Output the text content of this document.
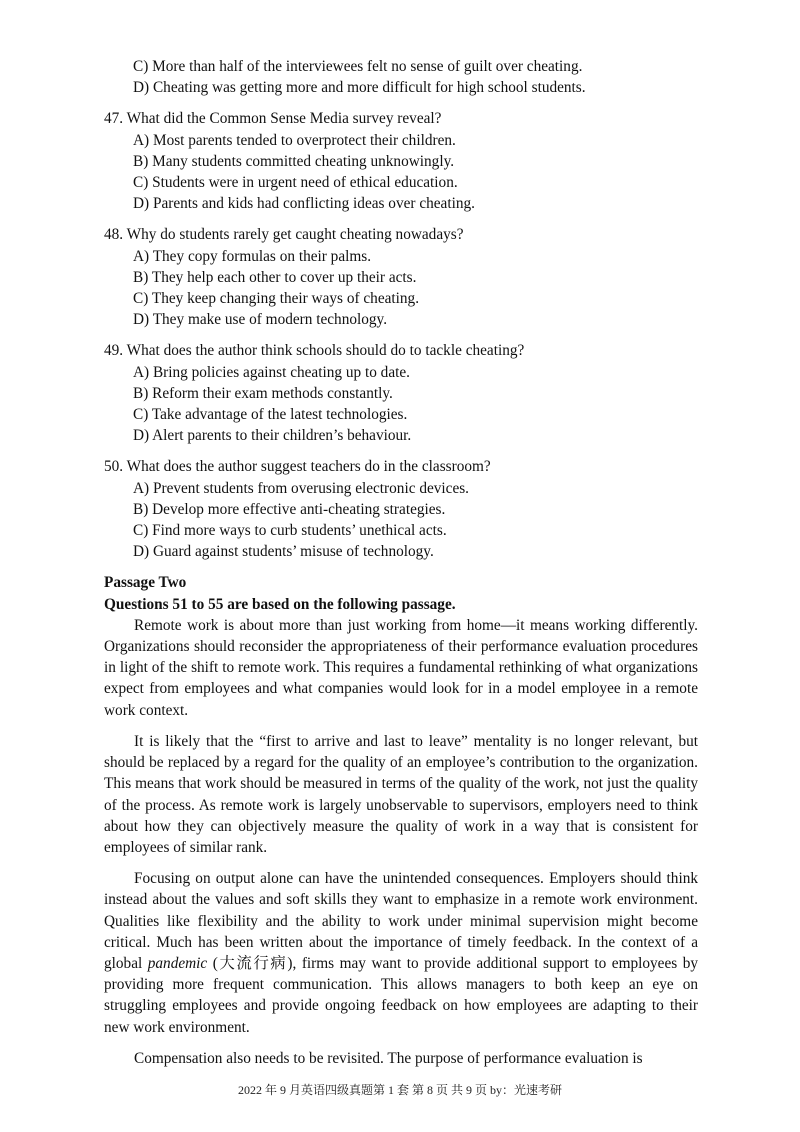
C) More than half of the interviewees felt no sense of guilt over cheating.
D) Cheating was getting more and more difficult for high school students.
47. What did the Common Sense Media survey reveal?
A) Most parents tended to overprotect their children.
B) Many students committed cheating unknowingly.
C) Students were in urgent need of ethical education.
D) Parents and kids had conflicting ideas over cheating.
48. Why do students rarely get caught cheating nowadays?
A) They copy formulas on their palms.
B) They help each other to cover up their acts.
C) They keep changing their ways of cheating.
D) They make use of modern technology.
49. What does the author think schools should do to tackle cheating?
A) Bring policies against cheating up to date.
B) Reform their exam methods constantly.
C) Take advantage of the latest technologies.
D) Alert parents to their children’s behaviour.
50. What does the author suggest teachers do in the classroom?
A) Prevent students from overusing electronic devices.
B) Develop more effective anti-cheating strategies.
C) Find more ways to curb students’ unethical acts.
D) Guard against students’ misuse of technology.
Passage Two
Questions 51 to 55 are based on the following passage.

Remote work is about more than just working from home—it means working differently. Organizations should reconsider the appropriateness of their performance evaluation procedures in light of the shift to remote work. This requires a fundamental rethinking of what organizations expect from employees and what companies would look for in a model employee in a remote work context.

It is likely that the “first to arrive and last to leave” mentality is no longer relevant, but should be replaced by a regard for the quality of an employee’s contribution to the organization. This means that work should be measured in terms of the quality of the work, not just the quality of the process. As remote work is largely unobservable to supervisors, employers need to think about how they can objectively measure the quality of work in a way that is consistent for employees of similar rank.

Focusing on output alone can have the unintended consequences. Employers should think instead about the values and soft skills they want to emphasize in a remote work environment. Qualities like flexibility and the ability to work under minimal supervision might become critical. Much has been written about the importance of timely feedback. In the context of a global pandemic (大流行病), firms may want to provide additional support to employees by providing more frequent communication. This allows managers to both keep an eye on struggling employees and provide ongoing feedback on how employees are adapting to their new work environment.

Compensation also needs to be revisited. The purpose of performance evaluation is

2022 年 9 月英语四级真题第 1 套 第 8 页 共 9 页 by：光速考研
